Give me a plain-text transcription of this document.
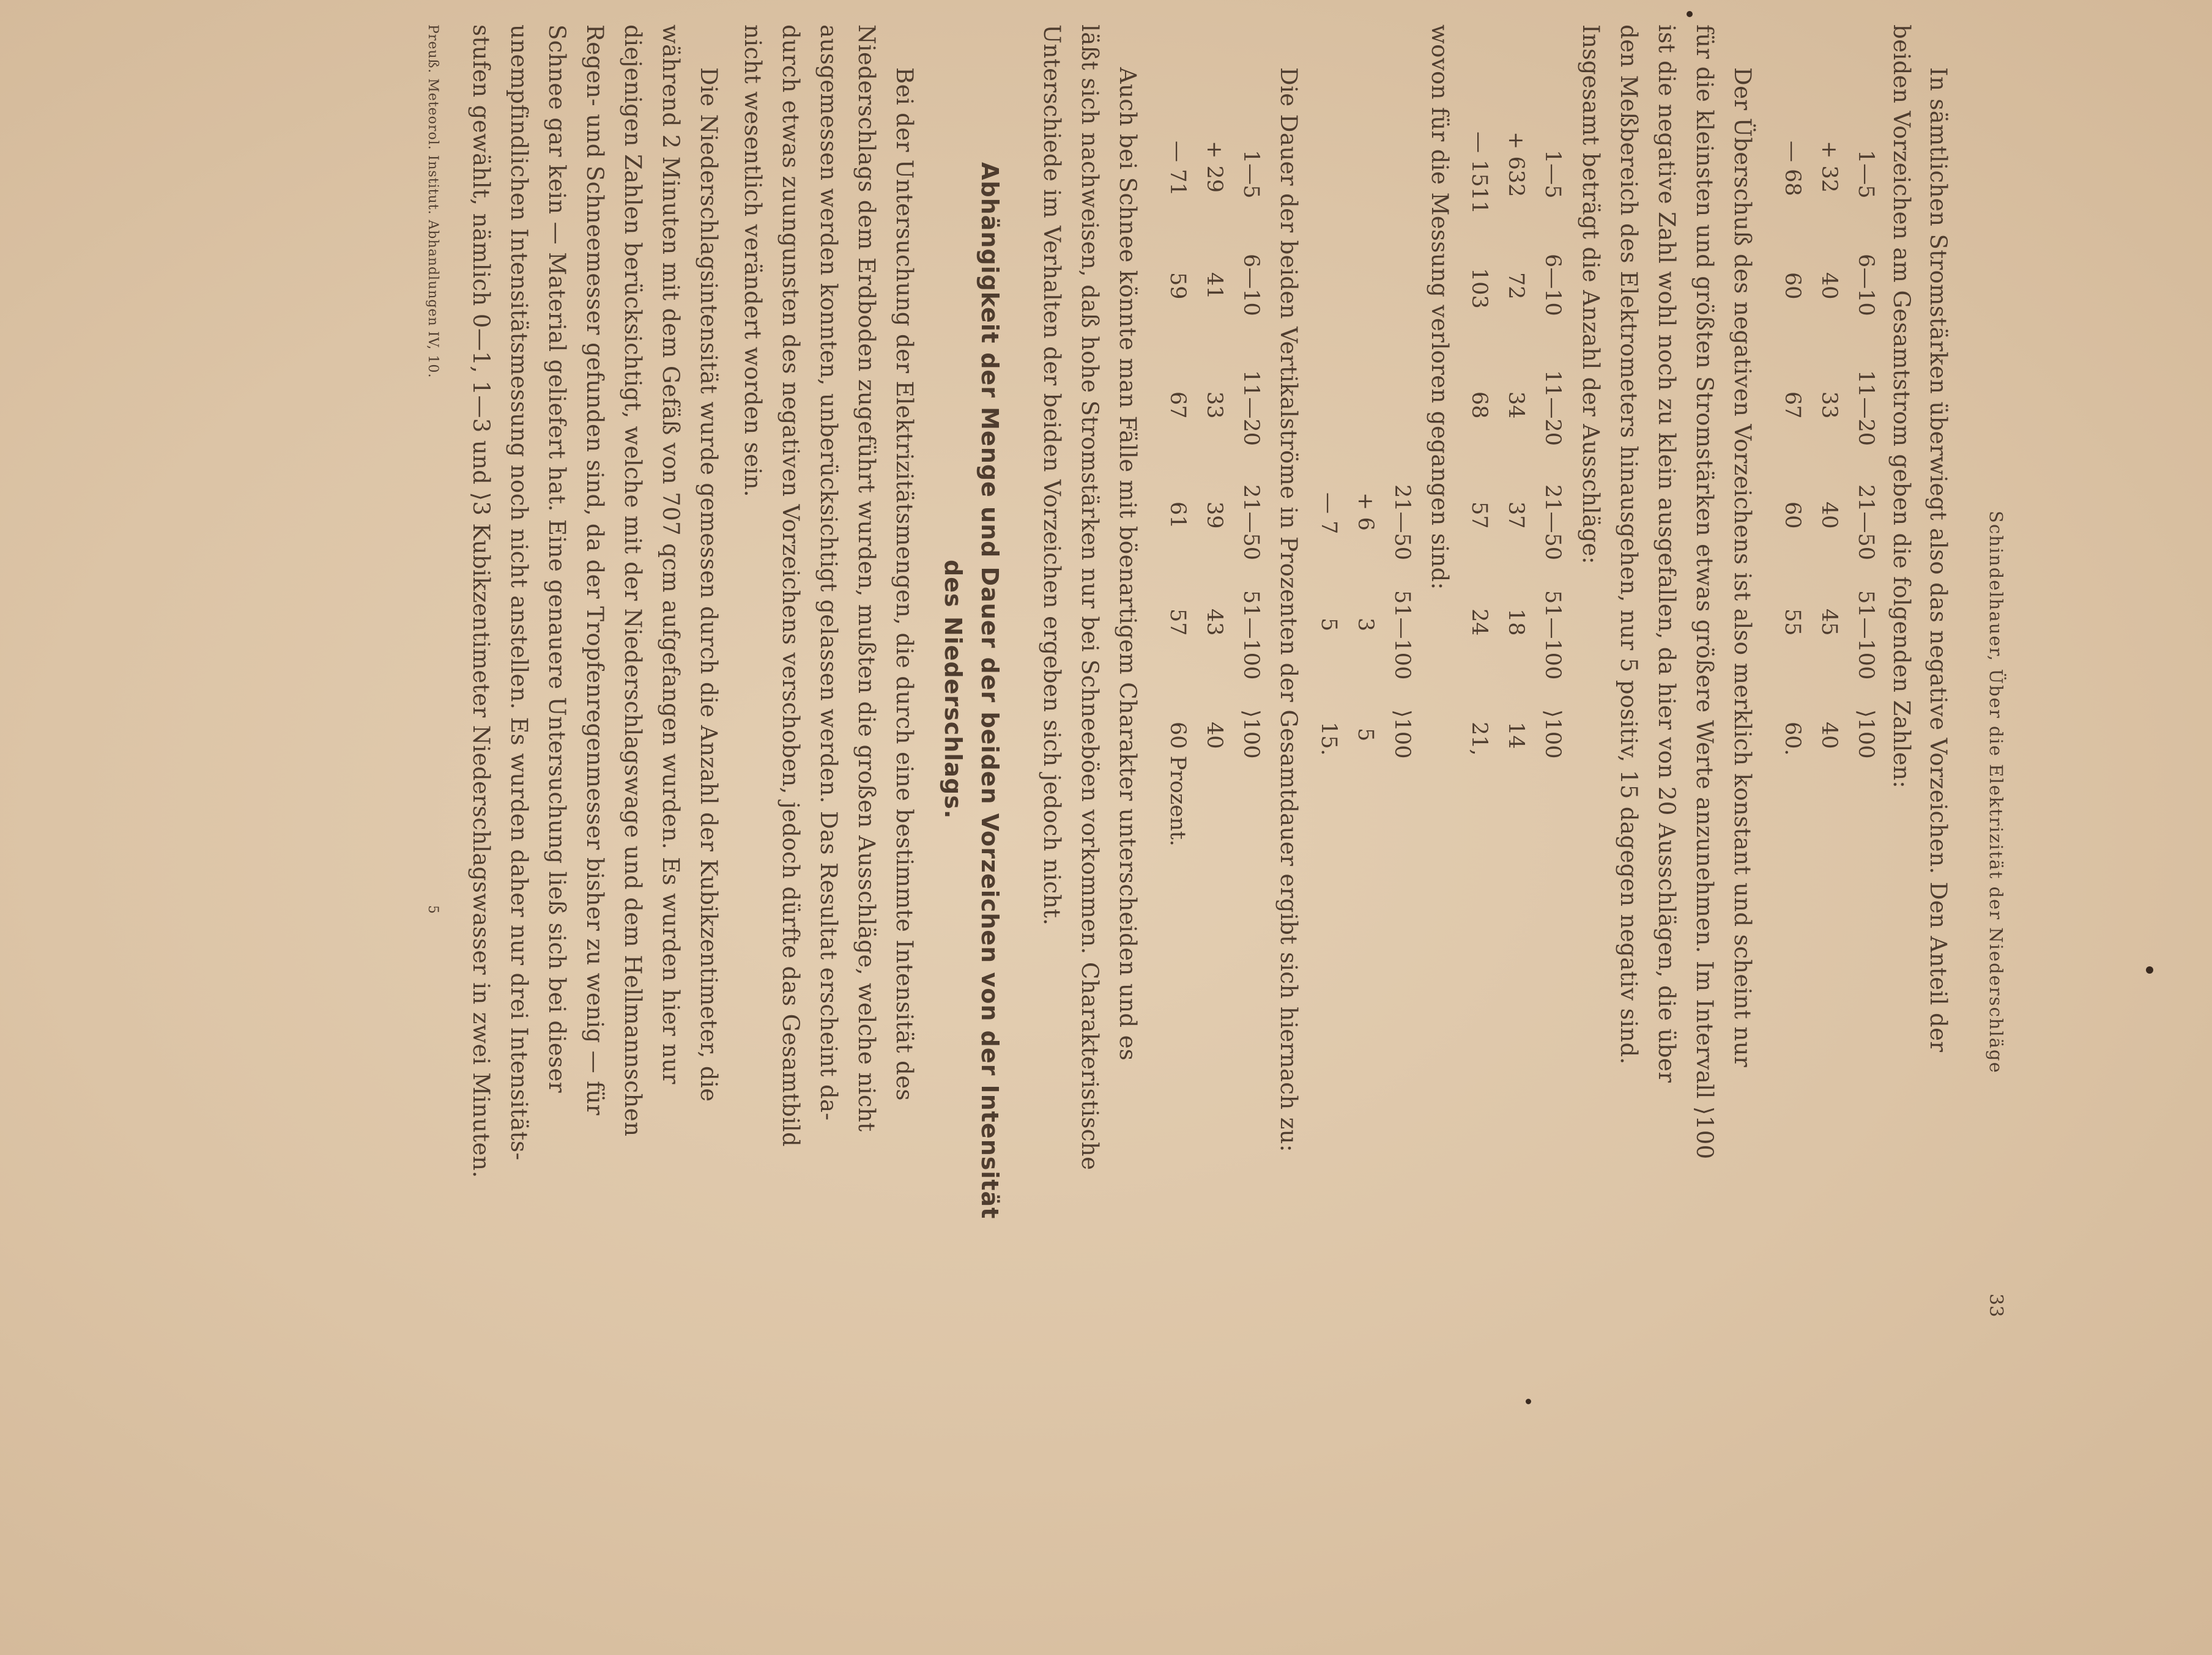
Schindelhauer, Über die Elektrizität der Niederschläge
33
In sämtlichen Stromstärken überwiegt also das negative Vorzeichen. Den Anteil der
beiden Vorzeichen am Gesamtstrom geben die folgenden Zahlen:
1—5
6—10
11—20
21—50
51—100
⟩100
+ 32
40
33
40
45
40
— 68
60
67
60
55
60.
Der Überschuß des negativen Vorzeichens ist also merklich konstant und scheint nur
für die kleinsten und größten Stromstärken etwas größere Werte anzunehmen. Im Intervall ⟩100
ist die negative Zahl wohl noch zu klein ausgefallen, da hier von 20 Ausschlägen, die über
den Meßbereich des Elektrometers hinausgehen, nur 5 positiv, 15 dagegen negativ sind.
Insgesamt beträgt die Anzahl der Ausschläge:
1—5
6—10
11—20
21—50
51—100
⟩100
+ 632
72
34
37
18
14
— 1511
103
68
57
24
21,
wovon für die Messung verloren gegangen sind:
21—50
51—100
⟩100
+ 6
3
5
— 7
5
15.
Die Dauer der beiden Vertikalströme in Prozenten der Gesamtdauer ergibt sich hiernach zu:
1—5
6—10
11—20
21—50
51—100
⟩100
+ 29
41
33
39
43
40
— 71
59
67
61
57
60 Prozent.
Auch bei Schnee könnte man Fälle mit böenartigem Charakter unterscheiden und es
läßt sich nachweisen, daß hohe Stromstärken nur bei Schneeböen vorkommen. Charakteristische
Unterschiede im Verhalten der beiden Vorzeichen ergeben sich jedoch nicht.
Abhängigkeit der Menge und Dauer der beiden Vorzeichen von der Intensität
des Niederschlags.
Bei der Untersuchung der Elektrizitätsmengen, die durch eine bestimmte Intensität des
Niederschlags dem Erdboden zugeführt wurden, mußten die großen Ausschläge, welche nicht
ausgemessen werden konnten, unberücksichtigt gelassen werden. Das Resultat erscheint da-
durch etwas zuungunsten des negativen Vorzeichens verschoben, jedoch dürfte das Gesamtbild
nicht wesentlich verändert worden sein.
Die Niederschlagsintensität wurde gemessen durch die Anzahl der Kubikzentimeter, die
während 2 Minuten mit dem Gefäß von 707 qcm aufgefangen wurden. Es wurden hier nur
diejenigen Zahlen berücksichtigt, welche mit der Niederschlagswage und dem Hellmannschen
Regen- und Schneemesser gefunden sind, da der Tropfenregenmesser bisher zu wenig — für
Schnee gar kein — Material geliefert hat. Eine genauere Untersuchung ließ sich bei dieser
unempfindlichen Intensitätsmessung noch nicht anstellen. Es wurden daher nur drei Intensitäts-
stufen gewählt, nämlich 0—1, 1—3 und ⟩3 Kubikzentimeter Niederschlagswasser in zwei Minuten.
Preuß. Meteorol. Institut. Abhandlungen IV, 10.
5
